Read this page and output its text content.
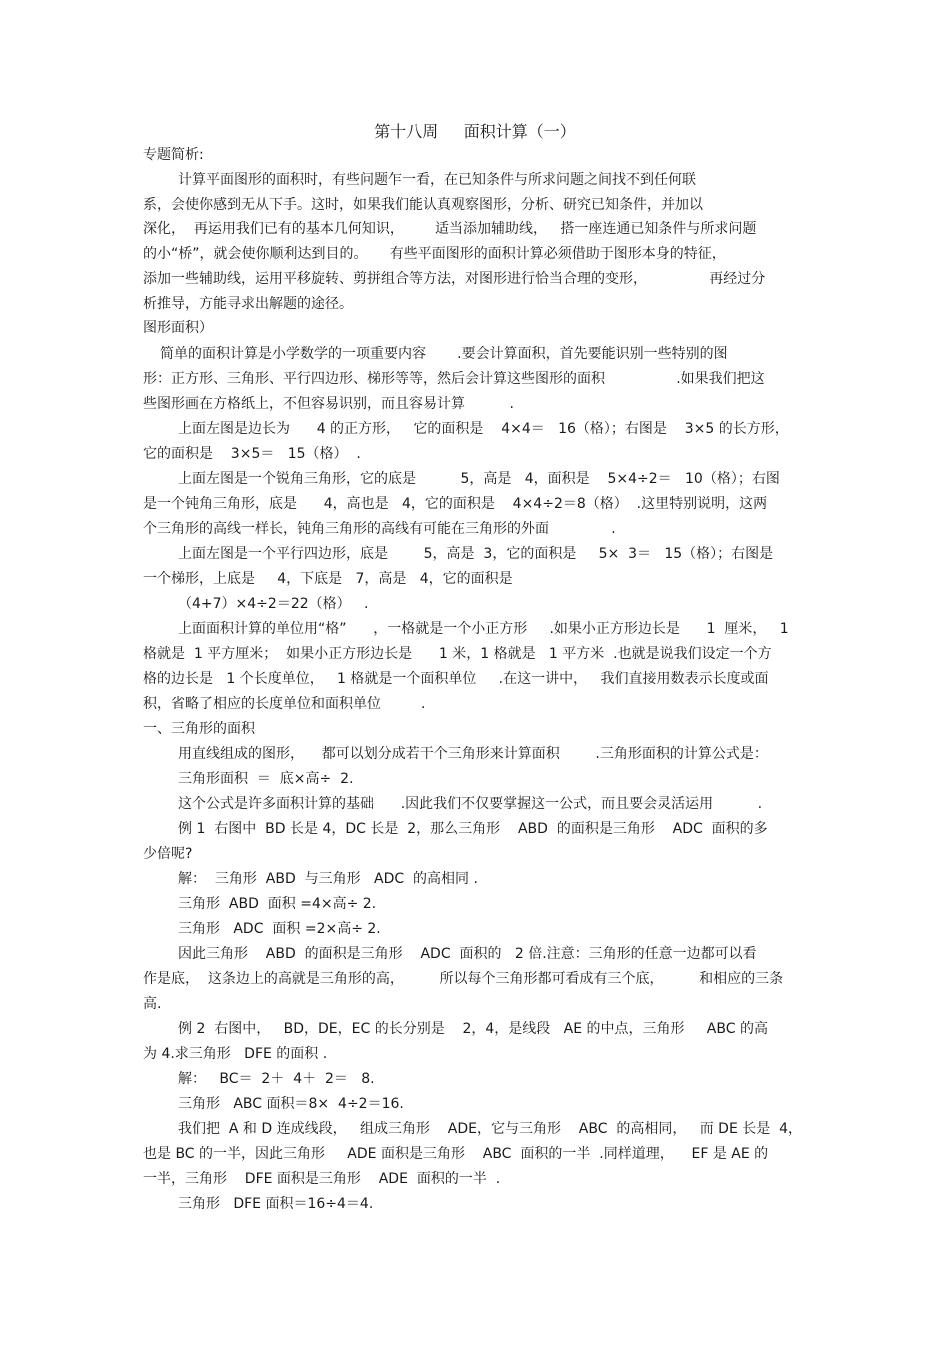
第十八周     面积计算（一）
专题简析:
计算平面图形的面积时，有些问题乍一看，在已知条件与所求问题之间找不到任何联
系，会使你感到无从下手。这时，如果我们能认真观察图形，分析、研究已知条件，并加以
深化，  再运用我们已有的基本几何知识，       适当添加辅助线，   搭一座连通已知条件与所求问题
的小“桥”，就会使你顺利达到目的。     有些平面图形的面积计算必须借助于图形本身的特征，
添加一些辅助线，运用平移旋转、剪拼组合等方法，对图形进行恰当合理的变形，              再经过分
析推导，方能寻求出解题的途径。
图形面积）
简单的面积计算是小学数学的一项重要内容       .要会计算面积，首先要能识别一些特别的图
形：正方形、三角形、平行四边形、梯形等等，然后会计算这些图形的面积                .如果我们把这
些图形画在方格纸上，不但容易识别，而且容易计算          .
上面左图是边长为      4 的正方形，   它的面积是    4×4＝   16（格）；右图是    3×5 的长方形，
它的面积是    3×5＝   15（格）  .
上面左图是一个锐角三角形，它的底是          5，高是   4，面积是    5×4÷2＝   10（格）；右图
是一个钝角三角形，底是      4，高也是   4，它的面积是    4×4÷2＝8（格）  .这里特别说明，这两
个三角形的高线一样长，钝角三角形的高线有可能在三角形的外面              .
上面左图是一个平行四边形，底是        5，高是  3，它的面积是     5×  3＝   15（格）；右图是
一个梯形，上底是     4，下底是   7，高是   4，它的面积是
（4+7）×4÷2＝22（格）   .
上面面积计算的单位用“格”      ，一格就是一个小正方形     .如果小正方形边长是      1  厘米，   1
格就是  1 平方厘米；  如果小正方形边长是      1 米，1 格就是   1 平方米  .也就是说我们设定一个方
格的边长是   1 个长度单位，   1 格就是一个面积单位     .在这一讲中，   我们直接用数表示长度或面
积，省略了相应的长度单位和面积单位         .
一、三角形的面积
用直线组成的图形，    都可以划分成若干个三角形来计算面积        .三角形面积的计算公式是：
三角形面积  ＝  底×高÷  2.
这个公式是许多面积计算的基础      .因此我们不仅要掌握这一公式，而且要会灵活运用          .
例 1  右图中  BD 长是 4，DC 长是  2，那么三角形    ABD  的面积是三角形    ADC  面积的多
少倍呢?
解：  三角形  ABD  与三角形   ADC  的高相同 .
三角形  ABD  面积 =4×高÷ 2.
三角形   ADC  面积 =2×高÷ 2.
因此三角形    ABD  的面积是三角形    ADC  面积的   2 倍.注意：三角形的任意一边都可以看
作是底，  这条边上的高就是三角形的高，        所以每个三角形都可看成有三个底，        和相应的三条
高.
例 2  右图中，   BD，DE，EC 的长分别是    2，4，是线段   AE 的中点，三角形     ABC 的高
为 4.求三角形   DFE 的面积 .
解：   BC＝  2＋  4＋  2＝   8.
三角形   ABC 面积＝8×  4÷2＝16.
我们把  A 和 D 连成线段，   组成三角形    ADE，它与三角形    ABC  的高相同，   而 DE 长是  4，
也是 BC 的一半，因此三角形     ADE 面积是三角形    ABC  面积的一半  .同样道理，    EF 是 AE 的
一半，三角形    DFE 面积是三角形    ADE  面积的一半  .
三角形   DFE 面积＝16÷4＝4.
